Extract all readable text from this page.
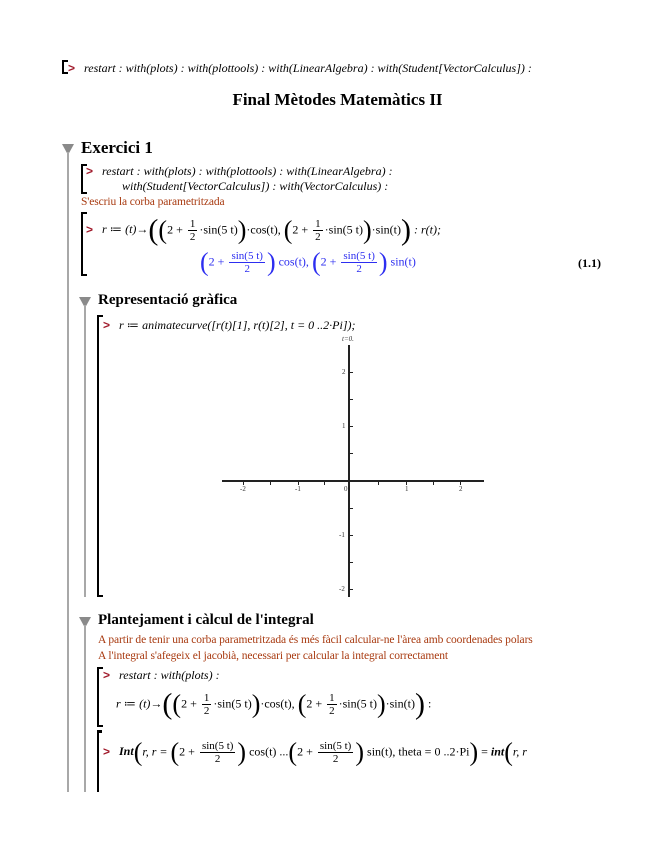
> restart : with(plots) : with(plottools) : with(LinearAlgebra) : with(Student[VectorCalculus]) :
Final Mètodes Matemàtics II
Exercici 1
> restart : with(plots) : with(plottools) : with(LinearAlgebra) :
with(Student[VectorCalculus]) : with(VectorCalculus) :
S'escriu la corba parametritzada
> r ≔ $(t)\to((2 + \frac{1}{2} \cdot\sin(5$ t))·cos(t), ($2 + \frac{1}{2} \cdot\sin(5$ t))·sin(t)) : r(t);
($2 + \frac{\sin(5 t)}{2}$ ) cos(t), ($2 + \frac{\sin(5 t)}{2}$ ) sin(t)	(1.1)
Representació gràfica
> r ≔ animatecurve([r(t)[1], r(t)[2], t = 0 ..2·Pi]);
t=0.
-2	-1	0	1	2
2
1
-1
-2
Plantejament i càlcul de l'integral
A partir de tenir una corba parametritzada és més fàcil calcular-ne l'àrea amb coordenades polars
A l'integral s'afegeix el jacobià, necessari per calcular la integral correctament
> restart : with(plots) :
r ≔ $(t)\to((2 + \frac{1}{2} \cdot\sin(5$ t))·cos(t), ($2 + \frac{1}{2} \cdot\sin(5$ t))·sin(t)) :
> Int(r, $r = (2 + \frac{\sin(5 t)}{2}$ ) cos(t) $...(2 + \frac{\sin(5 t)}{2}$ ) sin(t), theta = 0 ..2·Pi) = int(r, r
